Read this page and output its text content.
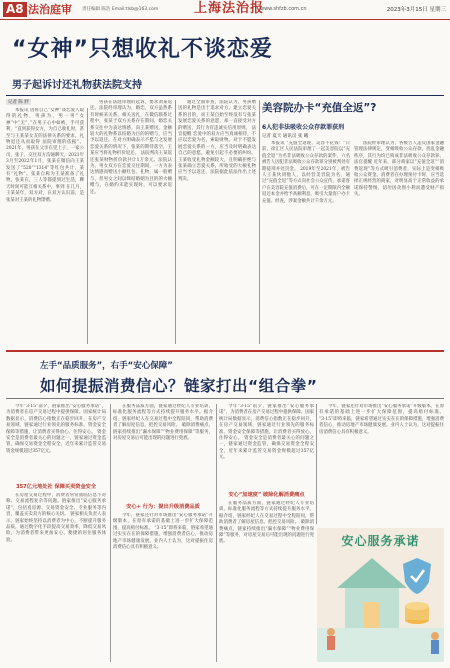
A8 法治庭审 责任编辑 陈浩 Email:tlsb@163.com	上海法治报
www.shfzb.com.cn	2023年3月15日 星期三
“女神”只想收礼不谈恋爱
男子起诉讨还礼物获法院支持
记者 陈 胖

本报讯 因将自己“女神”谈恋爱人取得的礼物，男孩为，男一男“女神”中“无”，”在男子心中如被，手可获利，“直到获得女方，为自己收礼时，甚至与王某某女友的法律关系的要求，礼物退还从而取得 法院审理的依据”。 2021年，男孩在父亲在里上子，一家公司，张子，交往双方沟通聊天，2021年3月至2022年1月，张某在微信向王某发送了“520”“1314”等红包共计，某有“礼物”。张某自称为王某准备了礼物，张某在，三人等都提到过生活，聊天时间可能互相关系中，事到 在几月，王某某年，双方对，在双方认识前，是张某对王某的礼物馈赠。

男孩在法庭审理的起诉，要求刘某返还。法院经审理认为，婚恋，双方虽然系有时候来关系，相关送礼，在微信联系过程中，张某于双方关系存在期间，婚恋关系交往中为表达情感，向王某赠送，金额较大的礼物系以结婚为目的的赠与，应当予以返还。在对方明确表示不愿与之发展恋爱关系的情况下，张某的期待落空，王某应当将礼物折价返还。 法院判决王某返还张某财物折价款共计1万余元。法院认为，男女双方在恋爱交往期间，一方为表达情感而赠送小额红包、礼物，属一般赠与，但男女之间以缔结婚姻为目的的大额赠与，在婚约未能实现时，可以要求返还。

通过全面审查，法院认为，男孩赠送的礼物是出于追求对方、建立恋爱关系的目的，而王某自始至终没有与张某发展恋爱关系的意愿，却一直接受对方的赠送，其行为有违诚实信用原则。 法官提醒 恋爱中的双方应当真诚相待，不应以恋爱为名，索取财物。对于不愿发展恋爱关系的一方，应当及时明确表达自己的意愿，避免引起不必要的纠纷。 王某收受礼物金额较大，且明确拒绝与张某确立恋爱关系，所收受的大额礼物应当予以返还，法院据此依法作出上述判决。

美容院办卡“充值全返”?
6人犯非法吸收公众存款罪获刑
记者 夏天 通讯员 张 曦

本报讯 “充值全返现，美容不花钱！”日前，徐汇区人民法院审理了一起美容院以“充值全返”为名非法吸收公众存款的案件，六名被告人因犯非法吸收公众存款罪分别被判处有期徒刑并处罚金。 2019年至2021年，被告人王某伙同他人，以经营美容院为名，通过“充值全返”等方式向社会公众宣传，承诺客户在美容院充值消费后，可在一定期限内全额返还本金并给予高额利息，吸引大量客户办卡充值。经查，涉案金额共计千余万元。

法院经审理认为，各被告人违反国家金融管理法律规定，变相吸收公众存款，扰乱金融秩序，其行为均已构成非法吸收公众存款罪。 法官提醒 近年来，部分商家以“充值全返”“消费返现”等方式吸引消费者，实际上是变相吸收公众资金。消费者在办理预付卡时，应当选择正规经营的商家，对明显高于正常收益的承诺保持警惕，切勿因贪图小利而遭受财产损失。

左手“品质服务”，右手“安心保障”
如何提振消费信心？链家打出“组合拳”

今年“3·15”前夕，链家推出“安心服务承诺”，为消费者在房产交易过程中提供保障。国家统计局数据显示，消费信心指数正在稳步回升，在房产交易领域，链家通过行业领先的服务标准、资金安全保障等措施，让消费者买得放心、住得安心。 资金安全是消费者最关心的问题之一，链家通过资金监管，确保交易资金全程安全，近年来累计监管交易资金规模超过357亿元。

357亿元地处社 保障买卖资金安全

在房屋交易过程中，消费者常常面临信息不对称、交易流程复杂等问题。链家推出“安心服务承诺”，包括真房源、交易资金安全、专业服务等内容，覆盖买卖双方的核心关切。 链家相关负责人表示，链家始终坚持以消费者为中心，不断提升服务品质，通过数字化手段提高交易效率，降低交易风险，为消费者带来更加安心、便捷的居住服务体验。

在服务品质方面，链家通过经纪人专业培训、标准化服务流程等方式持续提升服务水平。据介绍，链家经纪人在交易过程中全程陪同，帮助消费者了解房屋信息、把控交易风险。 破除消费痛点，链家持续推出“漏水保障”“物业费用保障”等服务，对房屋交易后可能出现的问题进行兜底。

安心+ 行为：提出升级消费品质

今年，链家还针对市场推出“安心服务承诺”升级版本，在原有承诺的基础上进一步扩大保障范围，提高赔付标准。 “3·15”即将来临，链家希望通过实实在在的保障措施，增强消费者信心，推动房地产市场健康发展。业内人士认为，这对提振住房消费信心具有积极意义。

今年“3·15”前夕，链家推出“安心服务承诺”，为消费者在房产交易过程中提供保障。国家统计局数据显示，消费信心指数正在稳步回升，在房产交易领域，链家通过行业领先的服务标准、资金安全保障等措施，让消费者买得放心、住得安心。 资金安全是消费者最关心的问题之一，链家通过资金监管，确保交易资金全程安全，近年来累计监管交易资金规模超过357亿元。

安心“加速度” 破除化解消费痛点

在服务品质方面，链家通过经纪人专业培训、标准化服务流程等方式持续提升服务水平。据介绍，链家经纪人在交易过程中全程陪同，帮助消费者了解房屋信息、把控交易风险。 破除消费痛点，链家持续推出“漏水保障”“物业费用保障”等服务，对房屋交易后可能出现的问题进行兜底。

今年，链家还针对市场推出“安心服务承诺”升级版本，在原有承诺的基础上进一步扩大保障范围，提高赔付标准。 “3·15”即将来临，链家希望通过实实在在的保障措施，增强消费者信心，推动房地产市场健康发展。业内人士认为，这对提振住房消费信心具有积极意义。

安心服务承诺
